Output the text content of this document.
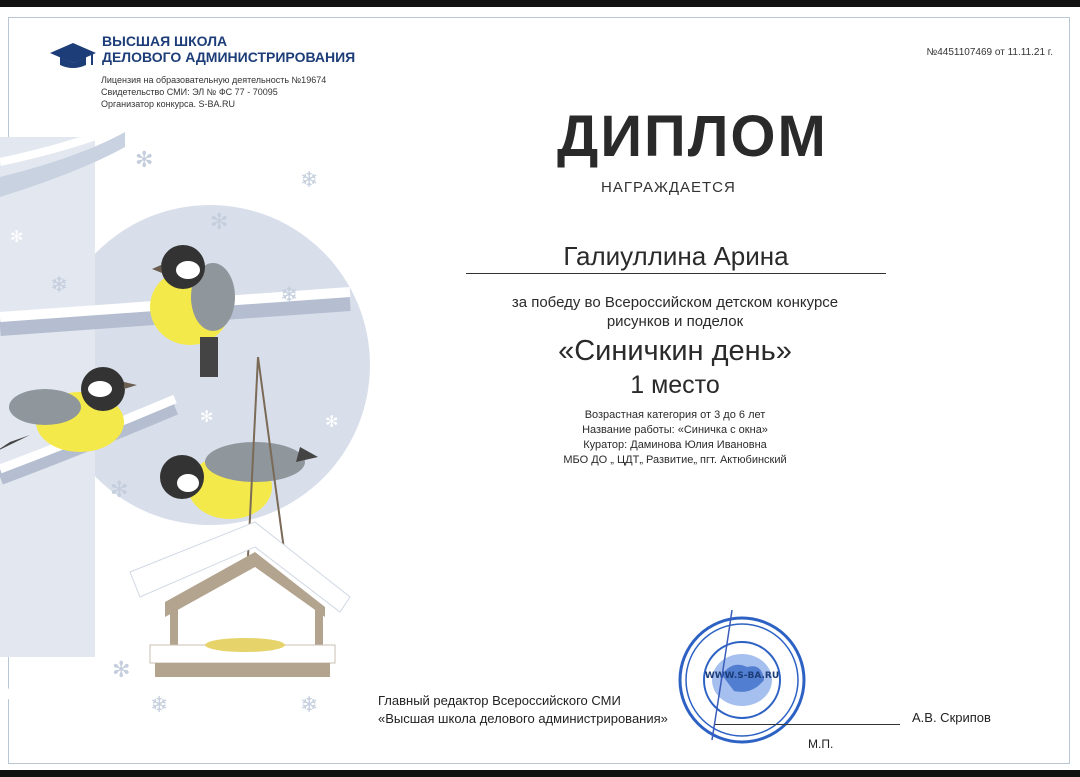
✻
❄
✻
❄	❄
✻
✻
❄
❄
✻
✻
✻
✻
ВЫСШАЯ ШКОЛА
ДЕЛОВОГО АДМИНИСТРИРОВАНИЯ
Лицензия на образовательную деятельность №19674
Свидетельство СМИ: ЭЛ № ФС 77 - 70095
Организатор конкурса. S-BA.RU
№4451107469 от 11.11.21 г.
ДИПЛОМ
НАГРАЖДАЕТСЯ
Галиуллина Арина
за победу во Всероссийском детском конкурсе
рисунков и поделок
«Синичкин день»
1 место
Возрастная категория от 3 до 6 лет
Название работы: «Синичка с окна»
Куратор: Даминова Юлия Ивановна
МБО ДО „ ЦДТ„ Развитие„ пгт. Актюбинский
WWW.S-BA.RU
Главный редактор Всероссийского СМИ
«Высшая школа делового администрирования»	А.В. Скрипов
М.П.
